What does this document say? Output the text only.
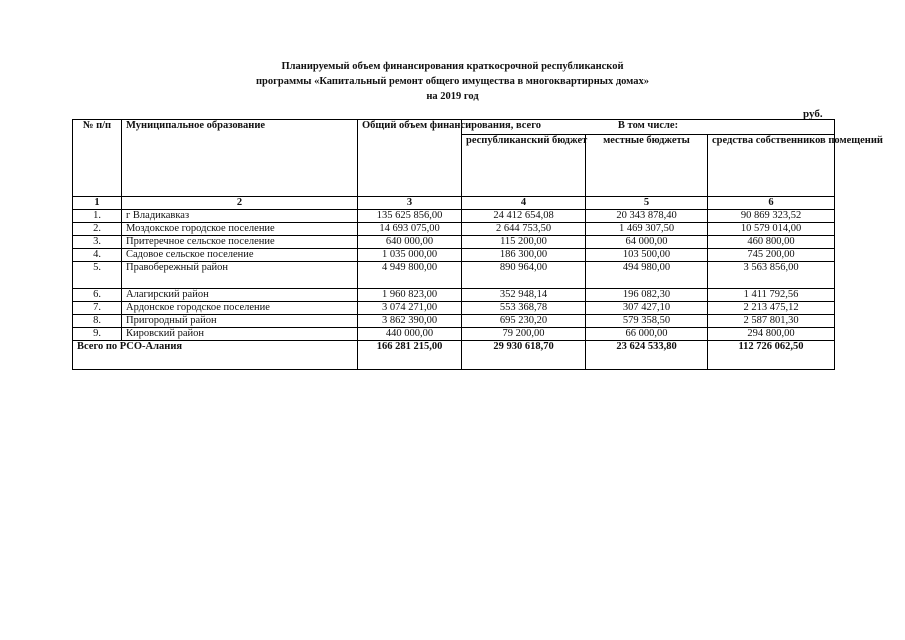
Планируемый объем финансирования краткосрочной республиканской
программы «Капитальный ремонт общего имущества в многоквартирных домах»
на 2019 год
руб.
№ п/п	Муниципальное образование	Общий объем финансирования, всего	В том числе:		
			республиканский бюджет	местные бюджеты	средства собственников помещений
1	2	3	4	5	6
1.	г Владикавказ	135 625 856,00	24 412 654,08	20 343 878,40	90 869 323,52
2.	Моздокское городское поселение	14 693 075,00	2 644 753,50	1 469 307,50	10 579 014,00
3.	Притеречное сельское поселение	640 000,00	115 200,00	64 000,00	460 800,00
4.	Садовое сельское поселение	1 035 000,00	186 300,00	103 500,00	745 200,00
5.	Правобережный район	4 949 800,00	890 964,00	494 980,00	3 563 856,00
6.	Алагирский район	1 960 823,00	352 948,14	196 082,30	1 411 792,56
7.	Ардонское городское поселение	3 074 271,00	553 368,78	307 427,10	2 213 475,12
8.	Пригородный район	3 862 390,00	695 230,20	579 358,50	2 587 801,30
9.	Кировский район	440 000,00	79 200,00	66 000,00	294 800,00
Всего по РСО-Алания		166 281 215,00	29 930 618,70	23 624 533,80	112 726 062,50
